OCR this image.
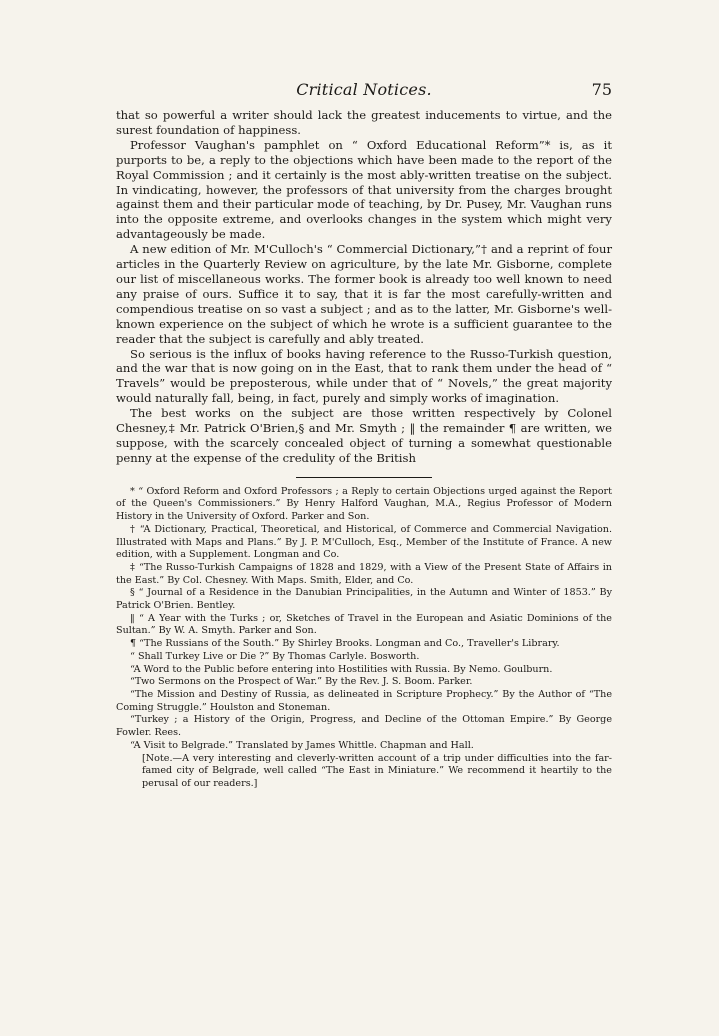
Critical Notices.	75

that so powerful a writer should lack the greatest inducements to virtue, and the surest foundation of happiness.

Professor Vaughan's pamphlet on “ Oxford Educational Reform”* is, as it purports to be, a reply to the objections which have been made to the report of the Royal Commission ; and it certainly is the most ably-written treatise on the subject. In vindicating, however, the professors of that university from the charges brought against them and their particular mode of teaching, by Dr. Pusey, Mr. Vaughan runs into the opposite extreme, and overlooks changes in the system which might very advantageously be made.

A new edition of Mr. M'Culloch's “ Commercial Dictionary,”† and a reprint of four articles in the Quarterly Review on agriculture, by the late Mr. Gisborne, complete our list of miscellaneous works. The former book is already too well known to need any praise of ours. Suffice it to say, that it is far the most carefully-written and compendious treatise on so vast a subject ; and as to the latter, Mr. Gisborne's well-known experience on the subject of which he wrote is a sufficient guarantee to the reader that the subject is carefully and ably treated.

So serious is the influx of books having reference to the Russo-Turkish question, and the war that is now going on in the East, that to rank them under the head of “ Travels” would be preposterous, while under that of “ Novels,” the great majority would naturally fall, being, in fact, purely and simply works of imagination.

The best works on the subject are those written respectively by Colonel Chesney,‡ Mr. Patrick O'Brien,§ and Mr. Smyth ; ‖ the remainder ¶ are written, we suppose, with the scarcely concealed object of turning a somewhat questionable penny at the expense of the credulity of the British

* “ Oxford Reform and Oxford Professors ; a Reply to certain Objections urged against the Report of the Queen's Commissioners.” By Henry Halford Vaughan, M.A., Regius Professor of Modern History in the University of Oxford. Parker and Son.

† “A Dictionary, Practical, Theoretical, and Historical, of Commerce and Commercial Navigation. Illustrated with Maps and Plans.” By J. P. M'Culloch, Esq., Member of the Institute of France. A new edition, with a Supplement. Longman and Co.

‡ “The Russo-Turkish Campaigns of 1828 and 1829, with a View of the Present State of Affairs in the East.” By Col. Chesney. With Maps. Smith, Elder, and Co.

§ “ Journal of a Residence in the Danubian Principalities, in the Autumn and Winter of 1853.” By Patrick O'Brien. Bentley.

‖ “ A Year with the Turks ; or, Sketches of Travel in the European and Asiatic Dominions of the Sultan.” By W. A. Smyth. Parker and Son.

¶ “The Russians of the South.” By Shirley Brooks. Longman and Co., Traveller's Library.

“ Shall Turkey Live or Die ?” By Thomas Carlyle. Bosworth.

“A Word to the Public before entering into Hostilities with Russia. By Nemo. Goulburn.

“Two Sermons on the Prospect of War.” By the Rev. J. S. Boom. Parker.

“The Mission and Destiny of Russia, as delineated in Scripture Prophecy.” By the Author of “The Coming Struggle.” Houlston and Stoneman.

“Turkey ; a History of the Origin, Progress, and Decline of the Ottoman Empire.” By George Fowler. Rees.

“A Visit to Belgrade.” Translated by James Whittle. Chapman and Hall.

[Note.—A very interesting and cleverly-written account of a trip under difficulties into the far-famed city of Belgrade, well called “The East in Miniature.” We recommend it heartily to the perusal of our readers.]
